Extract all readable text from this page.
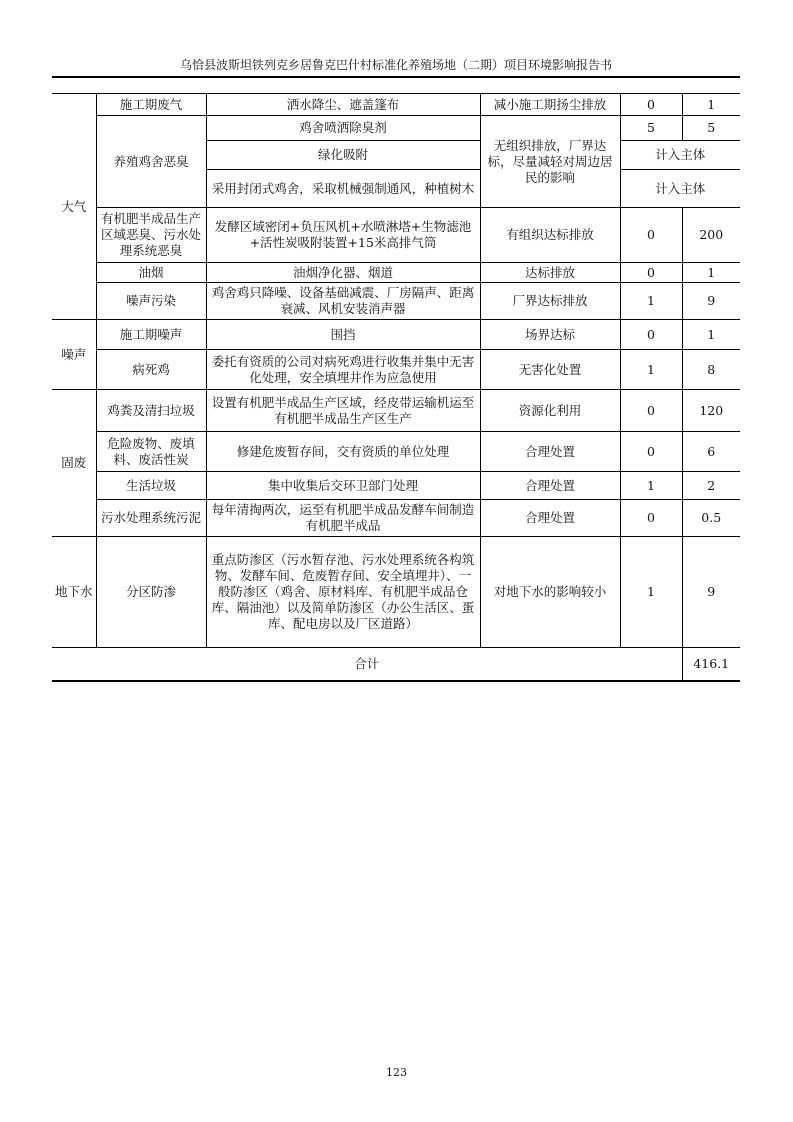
乌恰县波斯坦铁列克乡居鲁克巴什村标准化养殖场地（二期）项目环境影响报告书
大气	施工期废气	洒水降尘、遮盖篷布	减小施工期扬尘排放	0	1
	养殖鸡舍恶臭	鸡舍喷洒除臭剂	无组织排放，厂界达标，尽量减轻对周边居民的影响	5	5
		绿化吸附		计入主体	
		采用封闭式鸡舍，采取机械强制通风，种植树木		计入主体	
	有机肥半成品生产区域恶臭、污水处理系统恶臭	发酵区域密闭+负压风机+水喷淋塔+生物滤池+活性炭吸附装置+15米高排气筒	有组织达标排放	0	200
	油烟	油烟净化器、烟道	达标排放	0	1
	噪声污染	鸡舍鸡只降噪、设备基础减震、厂房隔声、距离衰减、风机安装消声器	厂界达标排放	1	9
噪声	施工期噪声	围挡	场界达标	0	1
	病死鸡	委托有资质的公司对病死鸡进行收集并集中无害化处理，安全填埋井作为应急使用	无害化处置	1	8
固废	鸡粪及清扫垃圾	设置有机肥半成品生产区域，经皮带运输机运至有机肥半成品生产区生产	资源化利用	0	120
	危险废物、废填料、废活性炭	修建危废暂存间，交有资质的单位处理	合理处置	0	6
	生活垃圾	集中收集后交环卫部门处理	合理处置	1	2
	污水处理系统污泥	每年清掏两次，运至有机肥半成品发酵车间制造有机肥半成品	合理处置	0	0.5
地下水	分区防渗	重点防渗区（污水暂存池、污水处理系统各构筑物、发酵车间、危废暂存间、安全填埋井）、一般防渗区（鸡舍、原材料库、有机肥半成品仓库、隔油池）以及简单防渗区（办公生活区、蛋库、配电房以及厂区道路）	对地下水的影响较小	1	9
合计					416.1
123
